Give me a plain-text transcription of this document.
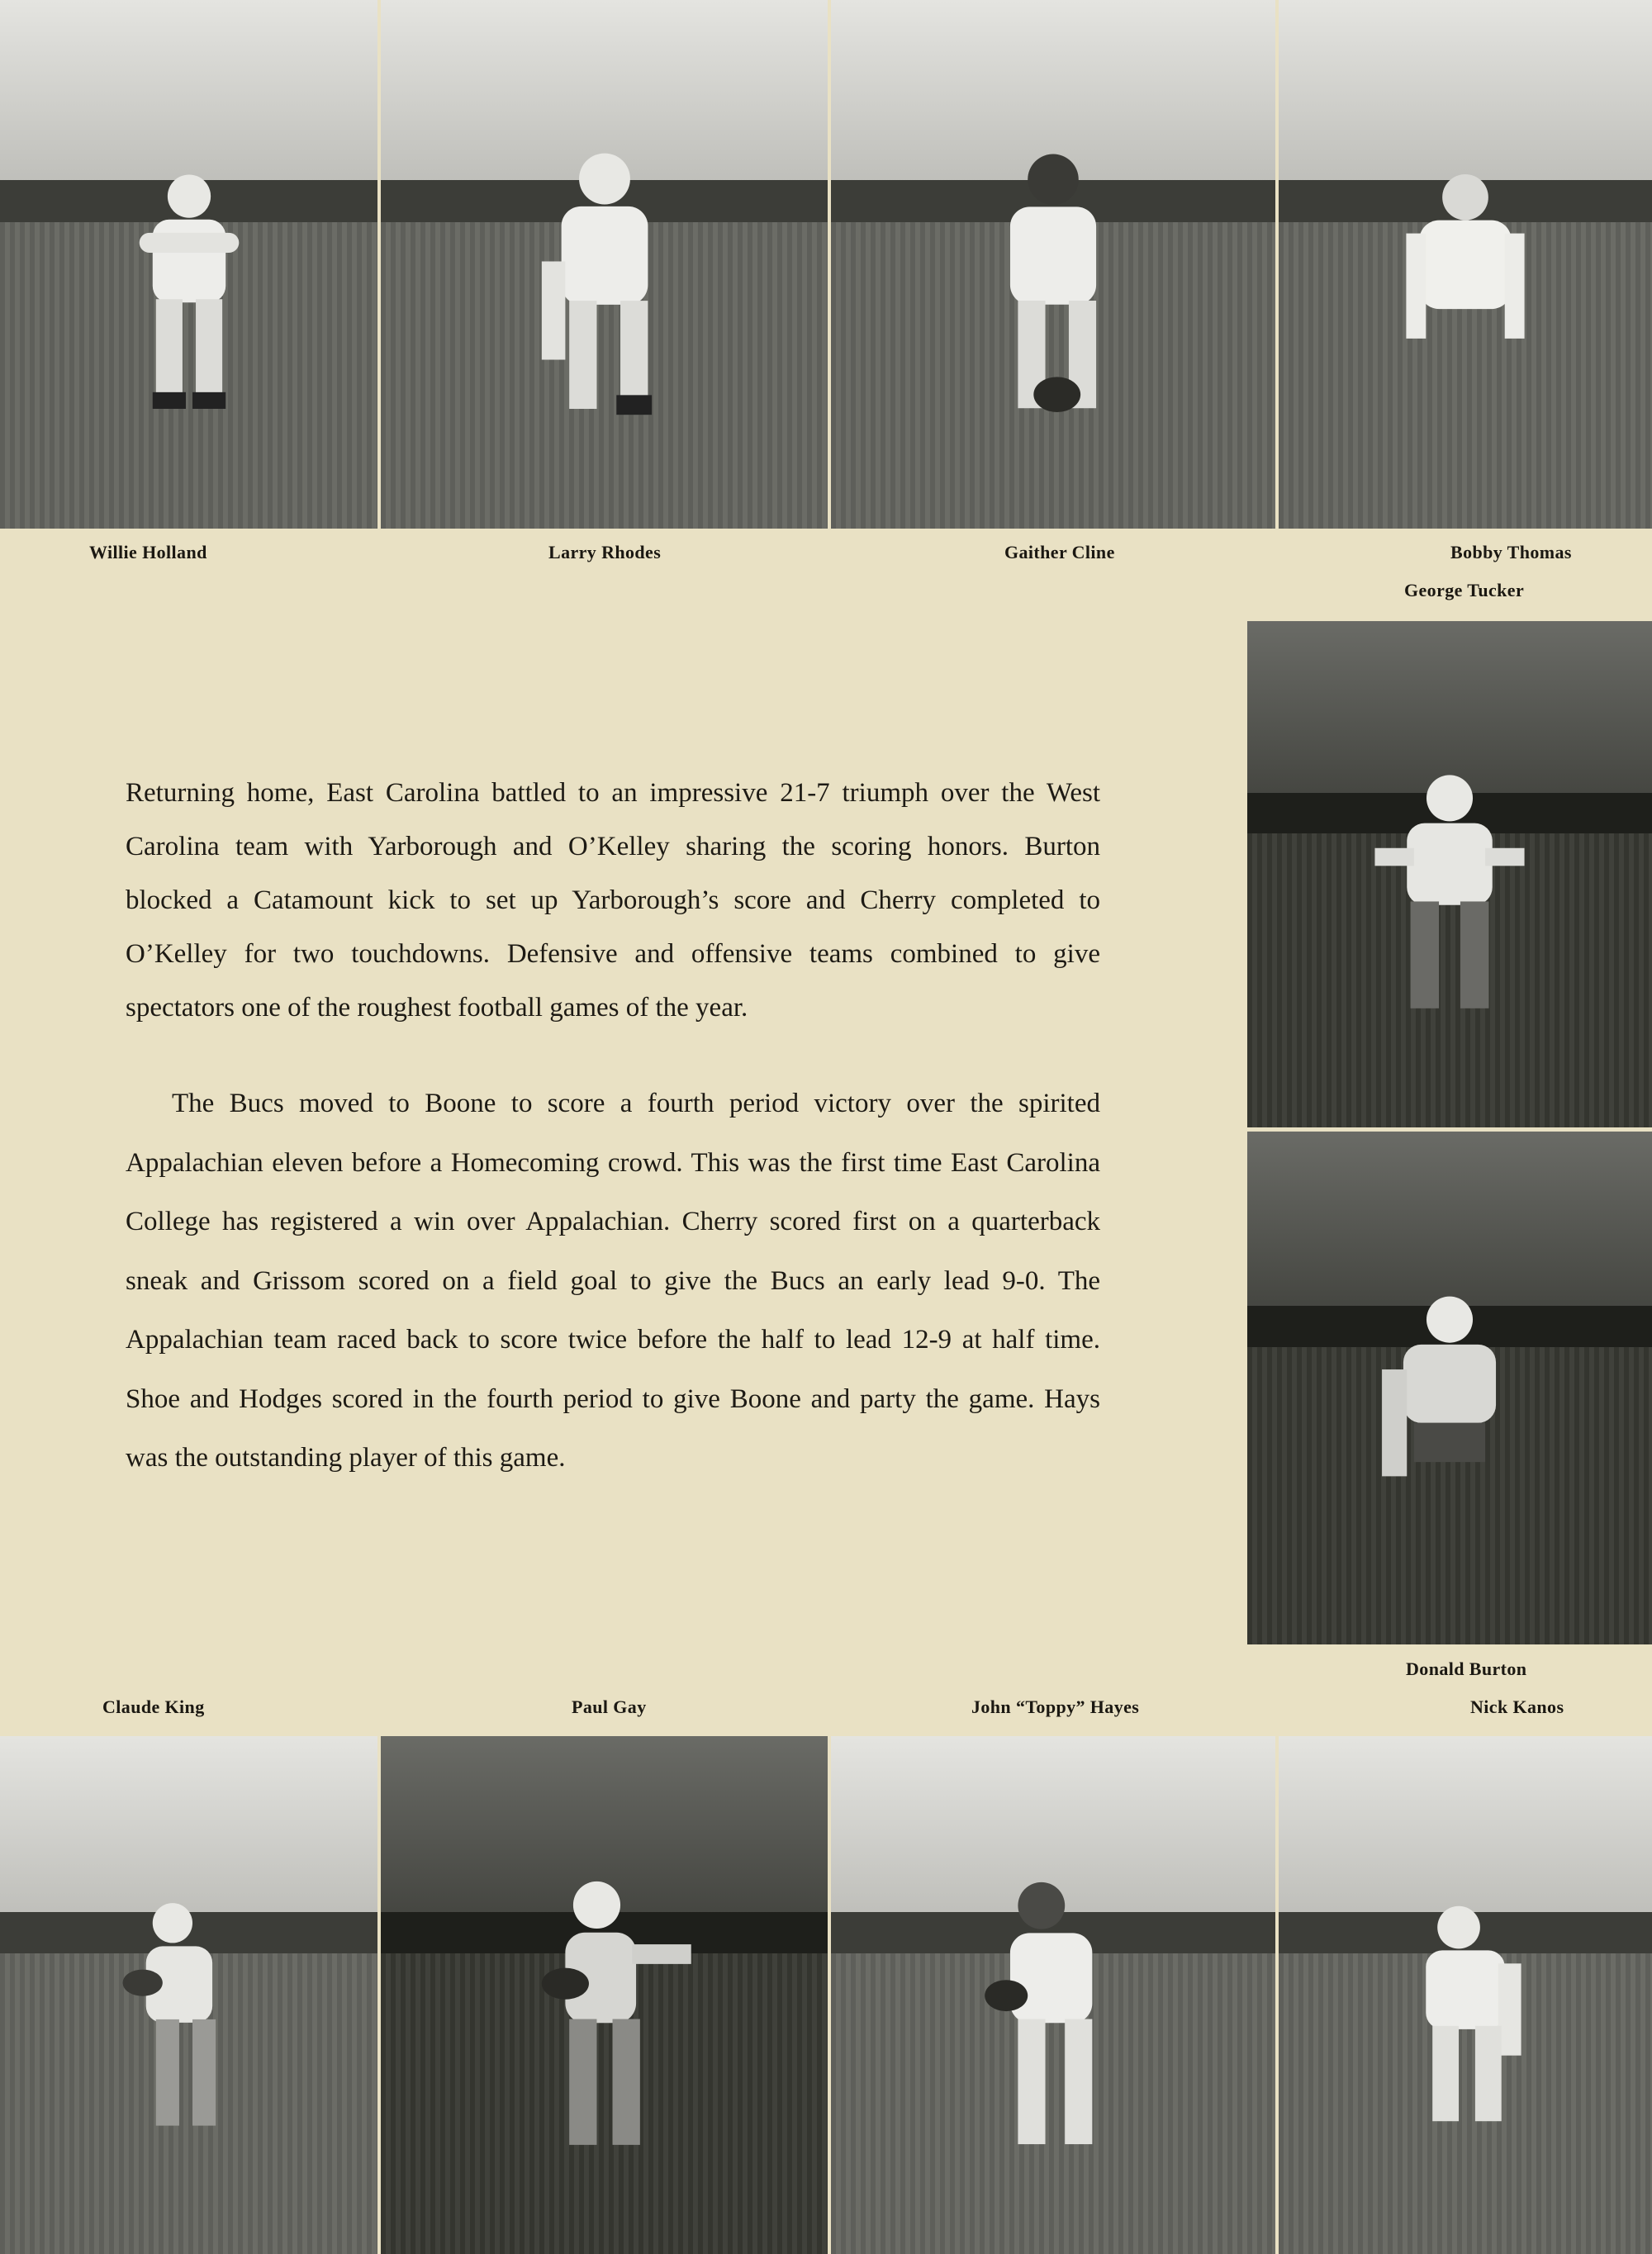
Willie Holland	Larry Rhodes	Gaither Cline	Bobby Thomas
George Tucker
Donald Burton

Returning home, East Carolina battled to an impressive 21-7 triumph over the West Carolina team with Yarborough and O’Kelley sharing the scoring honors. Burton blocked a Catamount kick to set up Yarborough’s score and Cherry completed to O’Kelley for two touchdowns. Defensive and offensive teams combined to give spectators one of the roughest football games of the year.

The Bucs moved to Boone to score a fourth period victory over the spirited Appalachian eleven before a Homecoming crowd. This was the first time East Carolina College has registered a win over Appalachian. Cherry scored first on a quarterback sneak and Grissom scored on a field goal to give the Bucs an early lead 9-0. The Appalachian team raced back to score twice before the half to lead 12-9 at half time. Shoe and Hodges scored in the fourth period to give Boone and party the game. Hays was the outstanding player of this game.

Claude King	Paul Gay	John “Toppy” Hayes	Nick Kanos
